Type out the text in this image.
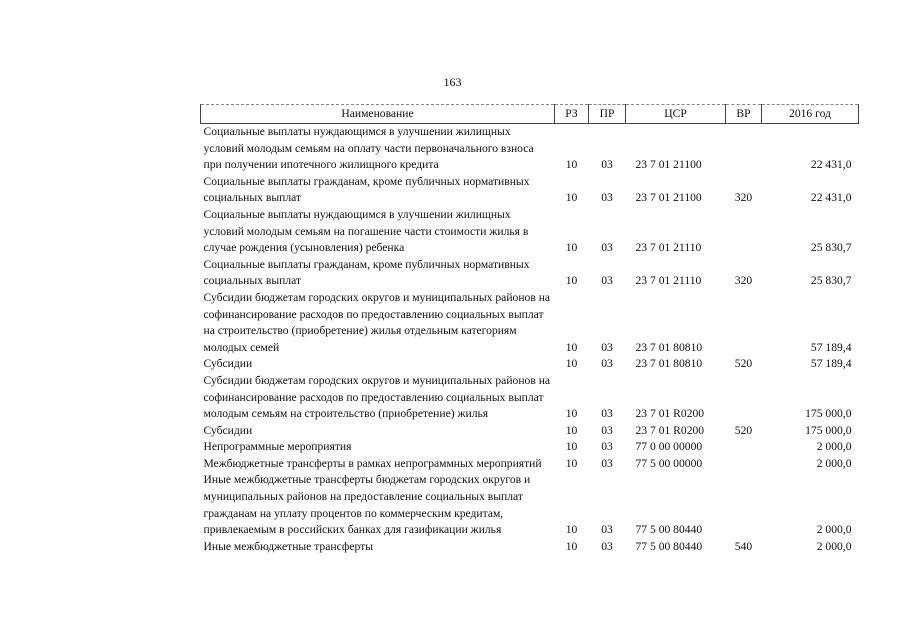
163
Наименование	РЗ	ПР	ЦСР	ВР	2016 год
Социальные выплаты нуждающимся в улучшении жилищных условий молодым семьям на оплату части первоначального взноса при получении ипотечного жилищного кредита	10	03	23 7 01 21100		22 431,0
Социальные выплаты гражданам, кроме публичных нормативных социальных выплат	10	03	23 7 01 21100	320	22 431,0
Социальные выплаты нуждающимся в улучшении жилищных условий молодым семьям на погашение части стоимости жилья в случае рождения (усыновления) ребенка	10	03	23 7 01 21110		25 830,7
Социальные выплаты гражданам, кроме публичных нормативных социальных выплат	10	03	23 7 01 21110	320	25 830,7
Субсидии бюджетам городских округов и муниципальных районов на софинансирование расходов по предоставлению социальных выплат на строительство (приобретение) жилья отдельным категориям молодых семей	10	03	23 7 01 80810		57 189,4
Субсидии	10	03	23 7 01 80810	520	57 189,4
Субсидии бюджетам городских округов и муниципальных районов на софинансирование расходов по предоставлению социальных выплат молодым семьям на строительство (приобретение) жилья	10	03	23 7 01 R0200		175 000,0
Субсидии	10	03	23 7 01 R0200	520	175 000,0
Непрограммные мероприятия	10	03	77 0 00 00000		2 000,0
Межбюджетные трансферты в рамках непрограммных мероприятий	10	03	77 5 00 00000		2 000,0
Иные межбюджетные трансферты бюджетам городских округов и муниципальных районов на предоставление социальных выплат гражданам на уплату процентов по коммерческим кредитам, привлекаемым в российских банках для газификации жилья	10	03	77 5 00 80440		2 000,0
Иные межбюджетные трансферты	10	03	77 5 00 80440	540	2 000,0
